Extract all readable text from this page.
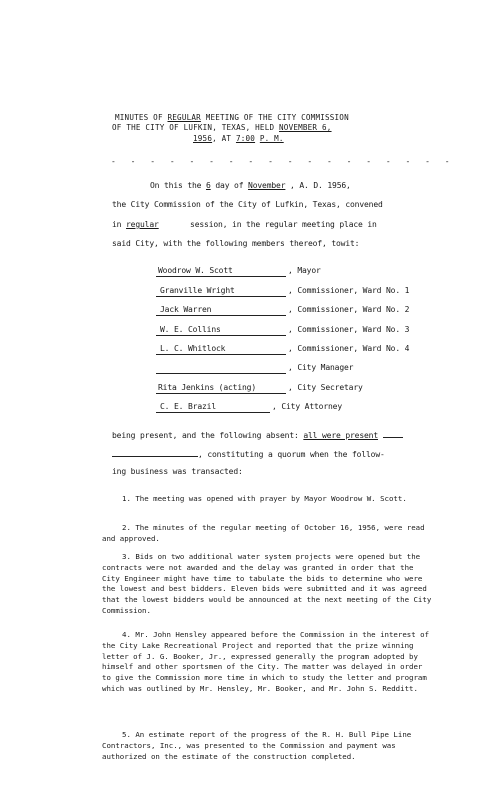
MINUTES OF REGULAR MEETING OF THE CITY COMMISSION
OF THE CITY OF LUFKIN, TEXAS, HELD NOVEMBER 6,
1956, AT 7:00 P. M.
- - - - - - - - - - - - - - - - - -
On this the 6 day of November , A. D. 1956,
the City Commission of the City of Lufkin, Texas, convened
in regular	session, in the regular meeting place in
said City, with the following members thereof, towit:
Woodrow W. Scott	, Mayor
Granville Wright	, Commissioner, Ward No. 1
Jack Warren	, Commissioner, Ward No. 2
W. E. Collins	, Commissioner, Ward No. 3
L. C. Whitlock	, Commissioner, Ward No. 4
, City Manager
Rita Jenkins (acting)	, City Secretary
C. E. Brazil	, City Attorney
being present, and the following absent: all were present
, constituting a quorum when the follow-
ing business was transacted:

1. The meeting was opened with prayer by Mayor Woodrow W. Scott.

2. The minutes of the regular meeting of October 16, 1956, were read and approved.

3. Bids on two additional water system projects were opened but the contracts were not awarded and the delay was granted in order that the City Engineer might have time to tabulate the bids to determine who were the lowest and best bidders. Eleven bids were submitted and it was agreed that the lowest bidders would be announced at the next meeting of the City Commission.

4. Mr. John Hensley appeared before the Commission in the interest of the City Lake Recreational Project and reported that the prize winning letter of J. G. Booker, Jr., expressed generally the program adopted by himself and other sportsmen of the City. The matter was delayed in order to give the Commission more time in which to study the letter and program which was outlined by Mr. Hensley, Mr. Booker, and Mr. John S. Redditt.

5. An estimate report of the progress of the R. H. Bull Pipe Line Contractors, Inc., was presented to the Commission and payment was authorized on the estimate of the construction completed.
